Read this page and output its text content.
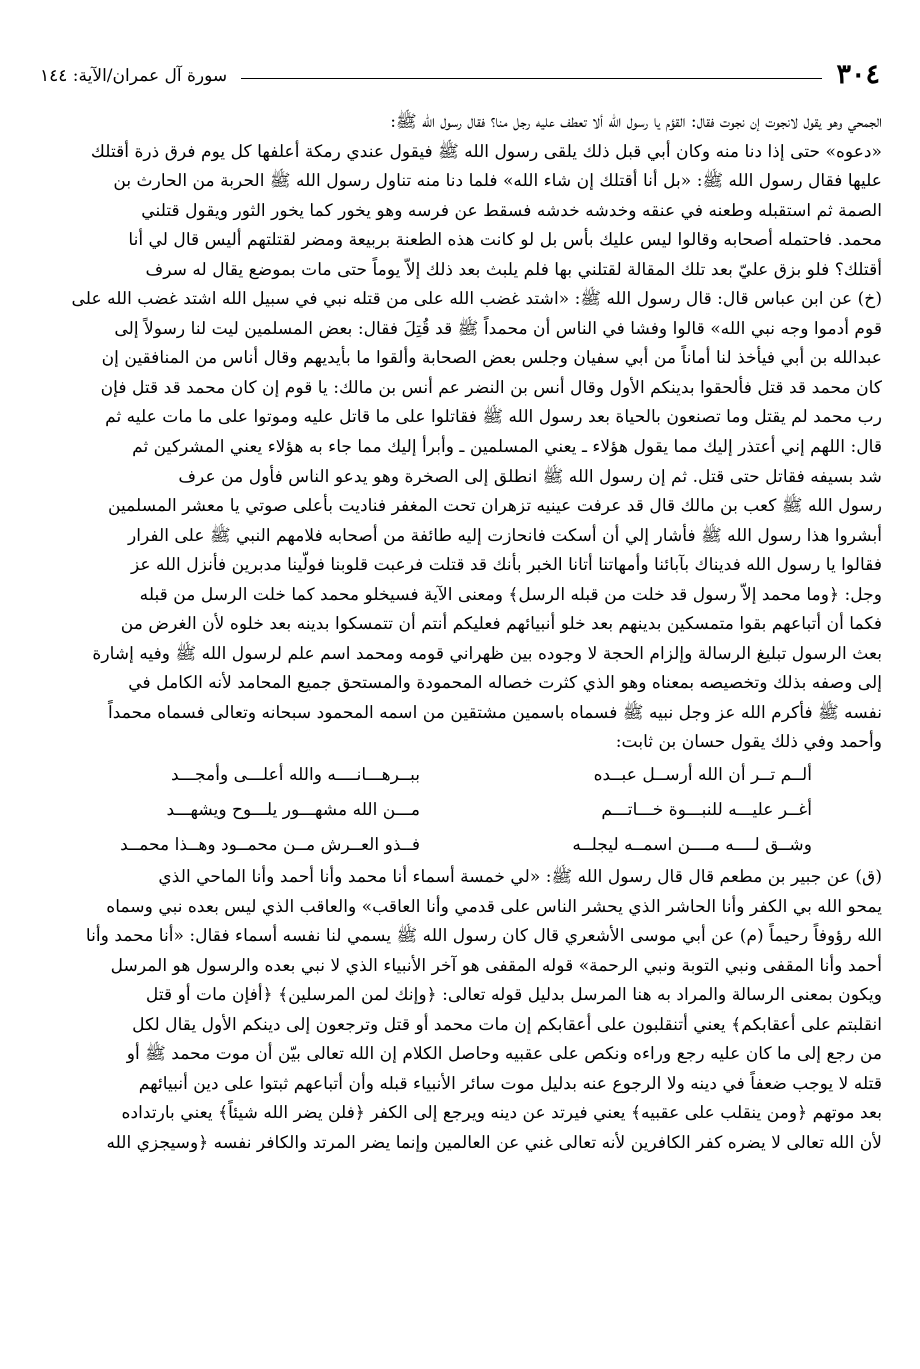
٣٠٤
سورة آل عمران/الآية: ١٤٤
الجمحي وهو يقول لانجوت إن نجوت فقال: القؤم يا رسول الله ألا تعطف عليه رجل منا؟ فقال رسول الله ﷺ:
«دعوه» حتى إذا دنا منه وكان أبي قبل ذلك يلقى رسول الله ﷺ فيقول عندي رمكة أعلفها كل يوم فرق ذرة أقتلك
عليها فقال رسول الله ﷺ: «بل أنا أقتلك إن شاء الله» فلما دنا منه تناول رسول الله ﷺ الحربة من الحارث بن
الصمة ثم استقبله وطعنه في عنقه وخدشه خدشه فسقط عن فرسه وهو يخور كما يخور الثور ويقول قتلني
محمد. فاحتمله أصحابه وقالوا ليس عليك بأس بل لو كانت هذه الطعنة بربيعة ومضر لقتلتهم أليس قال لي أنا
أقتلك؟ فلو بزق عليّ بعد تلك المقالة لقتلني بها فلم يلبث بعد ذلك إلاّ يوماً حتى مات بموضع يقال له سرف
(خ) عن ابن عباس قال: قال رسول الله ﷺ: «اشتد غضب الله على من قتله نبي في سبيل الله اشتد غضب الله على
قوم أدموا وجه نبي الله» قالوا وفشا في الناس أن محمداً ﷺ قد قُتِلَ فقال: بعض المسلمين ليت لنا رسولاً إلى
عبدالله بن أبي فيأخذ لنا أماناً من أبي سفيان وجلس بعض الصحابة وألقوا ما بأيديهم وقال أناس من المنافقين إن
كان محمد قد قتل فألحقوا بدينكم الأول وقال أنس بن النضر عم أنس بن مالك: يا قوم إن كان محمد قد قتل فإن
رب محمد لم يقتل وما تصنعون بالحياة بعد رسول الله ﷺ فقاتلوا على ما قاتل عليه وموتوا على ما مات عليه ثم
قال: اللهم إني أعتذر إليك مما يقول هؤلاء ـ يعني المسلمين ـ وأبرأ إليك مما جاء به هؤلاء يعني المشركين ثم
شد بسيفه فقاتل حتى قتل. ثم إن رسول الله ﷺ انطلق إلى الصخرة وهو يدعو الناس فأول من عرف
رسول الله ﷺ كعب بن مالك قال قد عرفت عينيه تزهران تحت المغفر فناديت بأعلى صوتي يا معشر المسلمين
أبشروا هذا رسول الله ﷺ فأشار إلي أن أسكت فانحازت إليه طائفة من أصحابه فلامهم النبي ﷺ على الفرار
فقالوا يا رسول الله فديناك بآبائنا وأمهاتنا أتانا الخبر بأنك قد قتلت فرعبت قلوبنا فولّينا مدبرين فأنزل الله عز
وجل: ﴿وما محمد إلاّ رسول قد خلت من قبله الرسل﴾ ومعنى الآية فسيخلو محمد كما خلت الرسل من قبله
فكما أن أتباعهم بقوا متمسكين بدينهم بعد خلو أنبيائهم فعليكم أنتم أن تتمسكوا بدينه بعد خلوه لأن الغرض من
بعث الرسول تبليغ الرسالة وإلزام الحجة لا وجوده بين ظهراني قومه ومحمد اسم علم لرسول الله ﷺ وفيه إشارة
إلى وصفه بذلك وتخصيصه بمعناه وهو الذي كثرت خصاله المحمودة والمستحق جميع المحامد لأنه الكامل في
نفسه ﷺ فأكرم الله عز وجل نبيه ﷺ فسماه باسمين مشتقين من اسمه المحمود سبحانه وتعالى فسماه محمداً
وأحمد وفي ذلك يقول حسان بن ثابت:
ألــم تــر أن الله أرســل عبــده
ببــرهـــانــــه والله أعلـــى وأمجـــد
أغــر عليـــه للنبـــوة خـــاتـــم
مـــن الله مشهـــور يلـــوح ويشهـــد
وشــق لــــه مــــن اسمــه ليجلــه
فــذو العــرش مــن محمــود وهــذا محمــد
(ق) عن جبير بن مطعم قال قال رسول الله ﷺ: «لي خمسة أسماء أنا محمد وأنا أحمد وأنا الماحي الذي
يمحو الله بي الكفر وأنا الحاشر الذي يحشر الناس على قدمي وأنا العاقب» والعاقب الذي ليس بعده نبي وسماه
الله رؤوفاً رحيماً (م) عن أبي موسى الأشعري قال كان رسول الله ﷺ يسمي لنا نفسه أسماء فقال: «أنا محمد وأنا
أحمد وأنا المقفى ونبي التوبة ونبي الرحمة» قوله المقفى هو آخر الأنبياء الذي لا نبي بعده والرسول هو المرسل
ويكون بمعنى الرسالة والمراد به هنا المرسل بدليل قوله تعالى: ﴿وإنك لمن المرسلين﴾ ﴿أفإن مات أو قتل
انقلبتم على أعقابكم﴾ يعني أتنقلبون على أعقابكم إن مات محمد أو قتل وترجعون إلى دينكم الأول يقال لكل
من رجع إلى ما كان عليه رجع وراءه ونكص على عقبيه وحاصل الكلام إن الله تعالى بيّن أن موت محمد ﷺ أو
قتله لا يوجب ضعفاً في دينه ولا الرجوع عنه بدليل موت سائر الأنبياء قبله وأن أتباعهم ثبتوا على دين أنبيائهم
بعد موتهم ﴿ومن ينقلب على عقبيه﴾ يعني فيرتد عن دينه ويرجع إلى الكفر ﴿فلن يضر الله شيئاً﴾ يعني بارتداده
لأن الله تعالى لا يضره كفر الكافرين لأنه تعالى غني عن العالمين وإنما يضر المرتد والكافر نفسه ﴿وسيجزي الله
